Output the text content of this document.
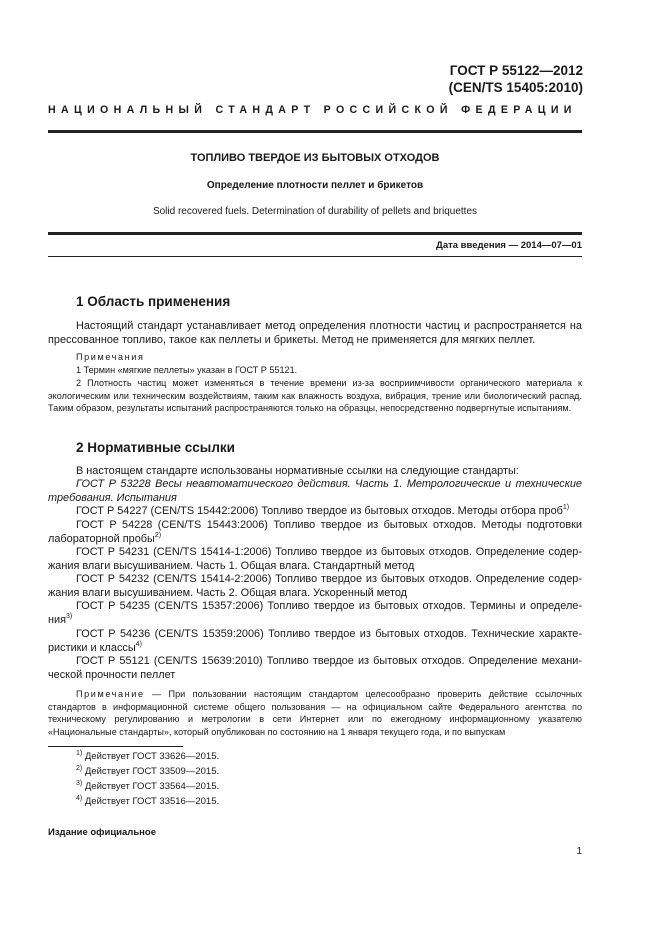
ГОСТ Р 55122—2012
(CEN/TS 15405:2010)
НАЦИОНАЛЬНЫЙ СТАНДАРТ РОССИЙСКОЙ ФЕДЕРАЦИИ
ТОПЛИВО ТВЕРДОЕ ИЗ БЫТОВЫХ ОТХОДОВ
Определение плотности пеллет и брикетов
Solid recovered fuels. Determination of durability of pellets and briquettes
Дата введения — 2014—07—01
1 Область применения
Настоящий стандарт устанавливает метод определения плотности частиц и распространяется на прессованное топливо, такое как пеллеты и брикеты. Метод не применяется для мягких пеллет.
Примечания
1 Термин «мягкие пеллеты» указан в ГОСТ Р 55121.
2 Плотность частиц может изменяться в течение времени из-за восприимчивости органического материала к экологическим или техническим воздействиям, таким как влажность воздуха, вибрация, трение или биологический распад. Таким образом, результаты испытаний распространяются только на образцы, непосредственно подвергнутые испытаниям.
2 Нормативные ссылки
В настоящем стандарте использованы нормативные ссылки на следующие стандарты:
ГОСТ Р 53228 Весы неавтоматического действия. Часть 1. Метрологические и технические
требования. Испытания
ГОСТ Р 54227 (CEN/TS 15442:2006) Топливо твердое из бытовых отходов. Методы отбора проб$^{1)}$
ГОСТ Р 54228 (CEN/TS 15443:2006) Топливо твердое из бытовых отходов. Методы подготовки
лабораторной пробы$^{2)}$
ГОСТ Р 54231 (CEN/TS 15414-1:2006) Топливо твердое из бытовых отходов. Определение содер-
жания влаги высушиванием. Часть 1. Общая влага. Стандартный метод
ГОСТ Р 54232 (CEN/TS 15414-2:2006) Топливо твердое из бытовых отходов. Определение содер-
жания влаги высушиванием. Часть 2. Общая влага. Ускоренный метод
ГОСТ Р 54235 (CEN/TS 15357:2006) Топливо твердое из бытовых отходов. Термины и определе-
ния$^{3)}$
ГОСТ Р 54236 (CEN/TS 15359:2006) Топливо твердое из бытовых отходов. Технические характе-
ристики и классы$^{4)}$
ГОСТ Р 55121 (CEN/TS 15639:2010) Топливо твердое из бытовых отходов. Определение механи-
ческой прочности пеллет
Примечание — При пользовании настоящим стандартом целесообразно проверить действие ссылочных стандартов в информационной системе общего пользования — на официальном сайте Федерального агентства по техническому регулированию и метрологии в сети Интернет или по ежегодному информационному указателю «Национальные стандарты», который опубликован по состоянию на 1 января текущего года, и по выпускам
$^{1)}$ Действует ГОСТ 33626—2015.
$^{2)}$ Действует ГОСТ 33509—2015.
$^{3)}$ Действует ГОСТ 33564—2015.
$^{4)}$ Действует ГОСТ 33516—2015.
Издание официальное
1
